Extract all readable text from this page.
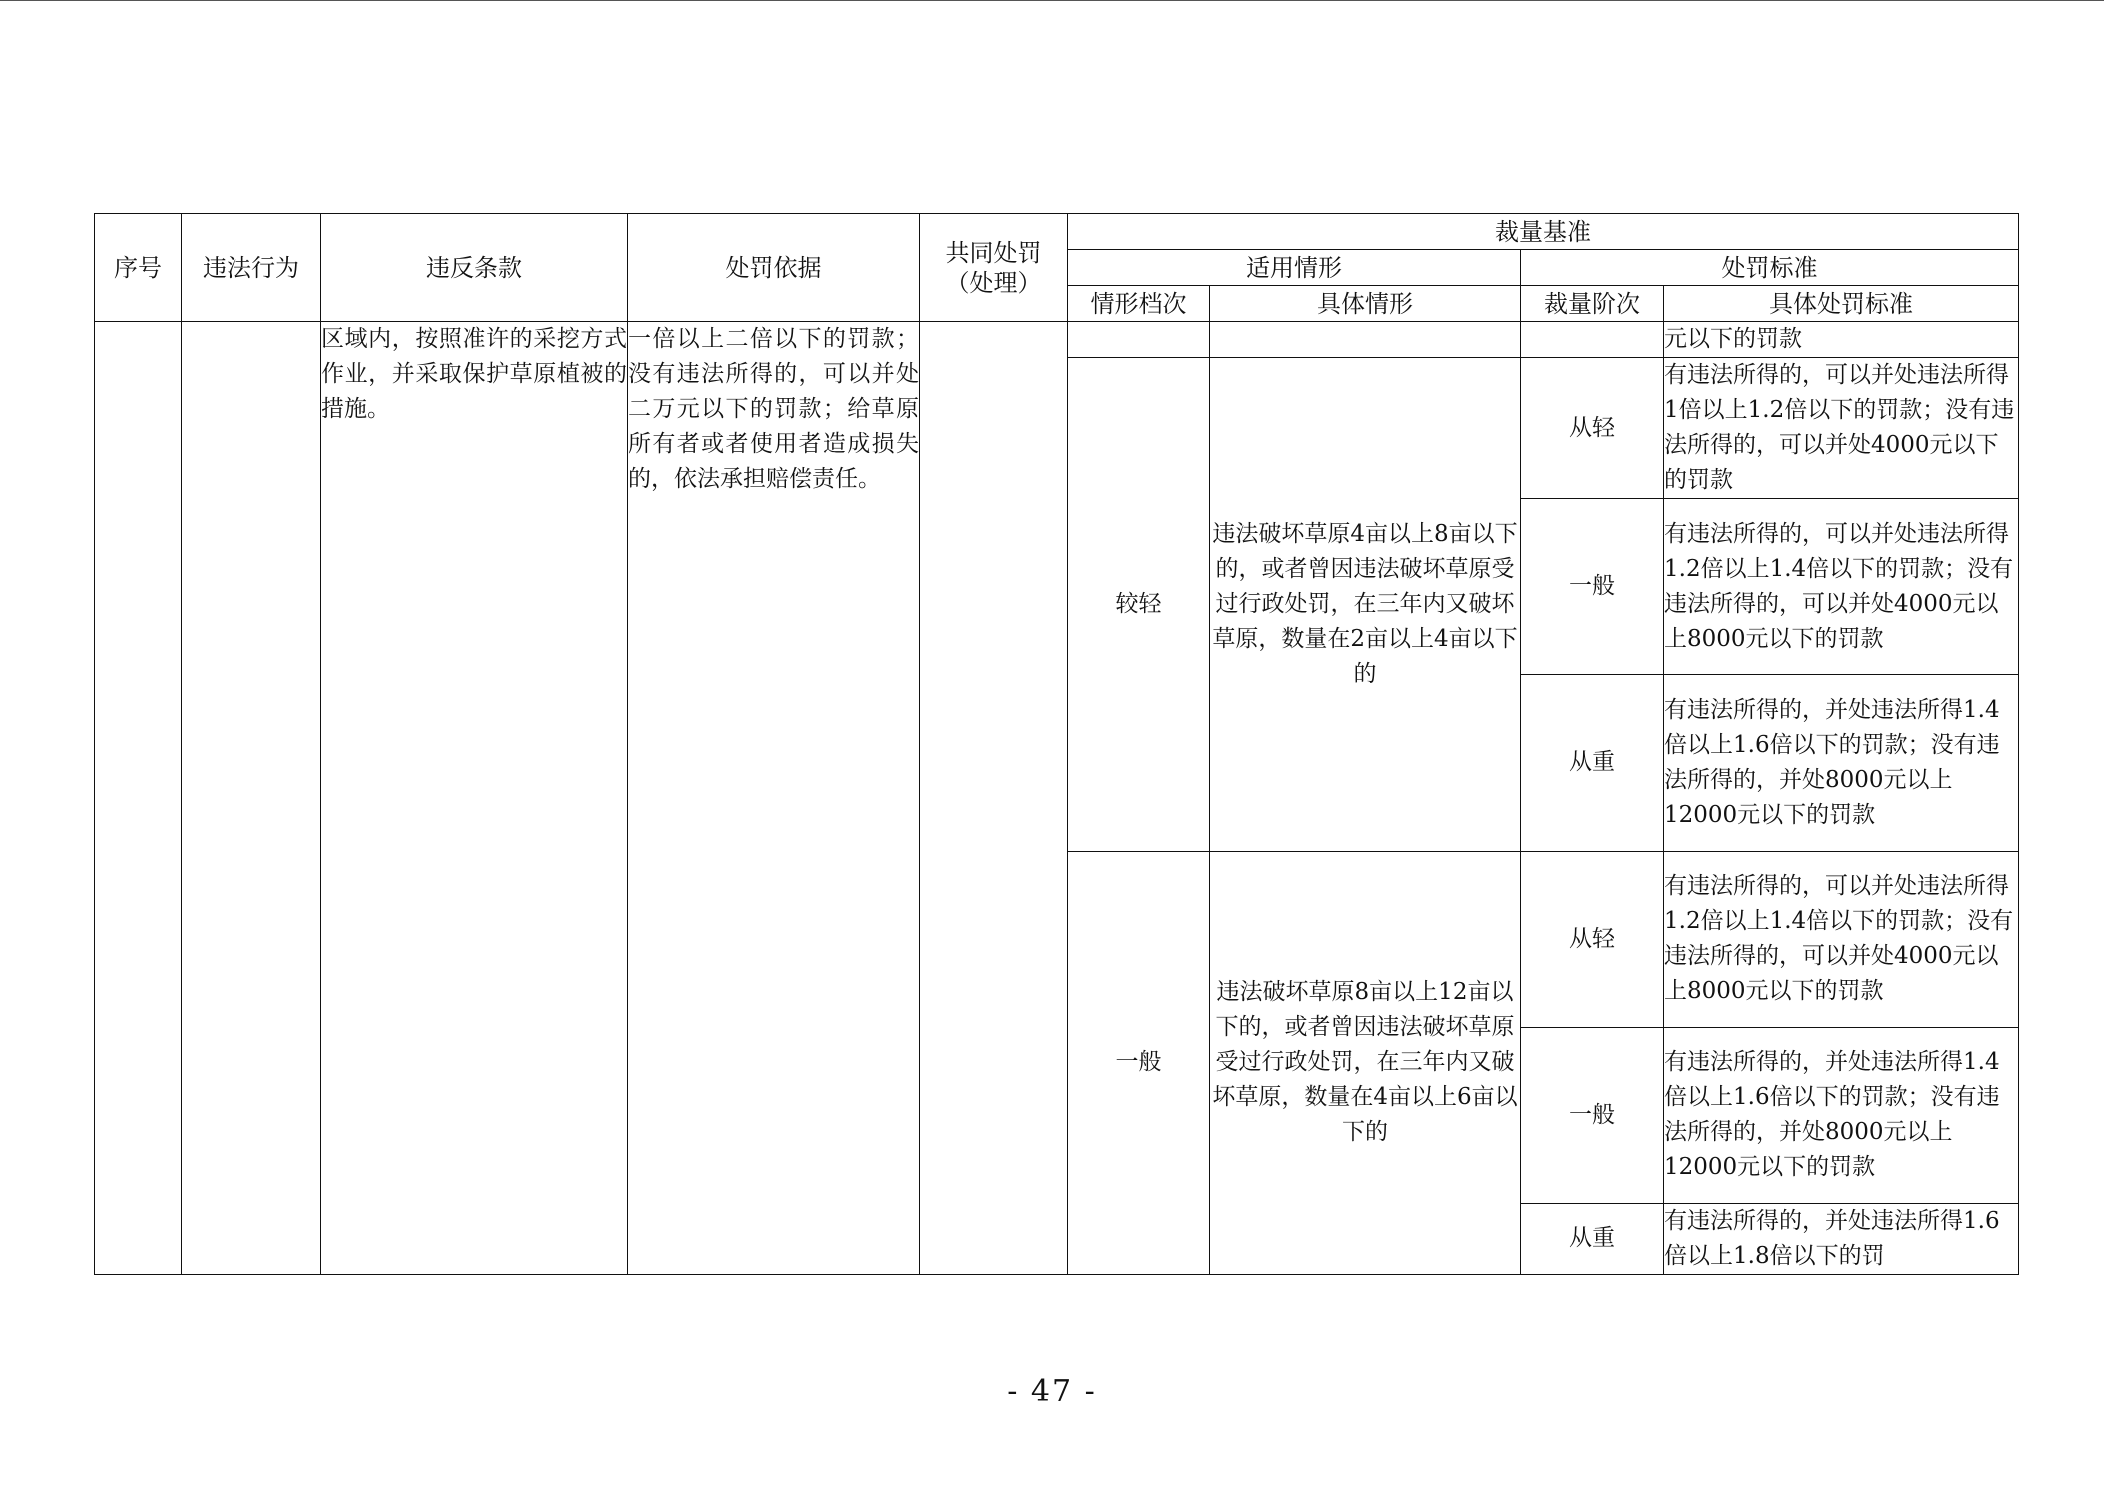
序号	违法行为	违反条款	处罚依据	共同处罚（处理）	裁量基准			
					适用情形		处罚标准	
					情形档次	具体情形	裁量阶次	具体处罚标准
		区域内，按照准许的采挖方式作业，并采取保护草原植被的措施。	一倍以上二倍以下的罚款；没有违法所得的，可以并处二万元以下的罚款；给草原所有者或者使用者造成损失的，依法承担赔偿责任。					元以下的罚款
					较轻	违法破坏草原4亩以上8亩以下的，或者曾因违法破坏草原受过行政处罚，在三年内又破坏草原，数量在2亩以上4亩以下的	从轻	有违法所得的，可以并处违法所得1倍以上1.2倍以下的罚款；没有违法所得的，可以并处4000元以下的罚款
							一般	有违法所得的，可以并处违法所得1.2倍以上1.4倍以下的罚款；没有违法所得的，可以并处4000元以上8000元以下的罚款
							从重	有违法所得的，并处违法所得1.4倍以上1.6倍以下的罚款；没有违法所得的，并处8000元以上12000元以下的罚款
					一般	违法破坏草原8亩以上12亩以下的，或者曾因违法破坏草原受过行政处罚，在三年内又破坏草原，数量在4亩以上6亩以下的	从轻	有违法所得的，可以并处违法所得1.2倍以上1.4倍以下的罚款；没有违法所得的，可以并处4000元以上8000元以下的罚款
							一般	有违法所得的，并处违法所得1.4倍以上1.6倍以下的罚款；没有违法所得的，并处8000元以上12000元以下的罚款
							从重	有违法所得的，并处违法所得1.6倍以上1.8倍以下的罚
- 47 -
